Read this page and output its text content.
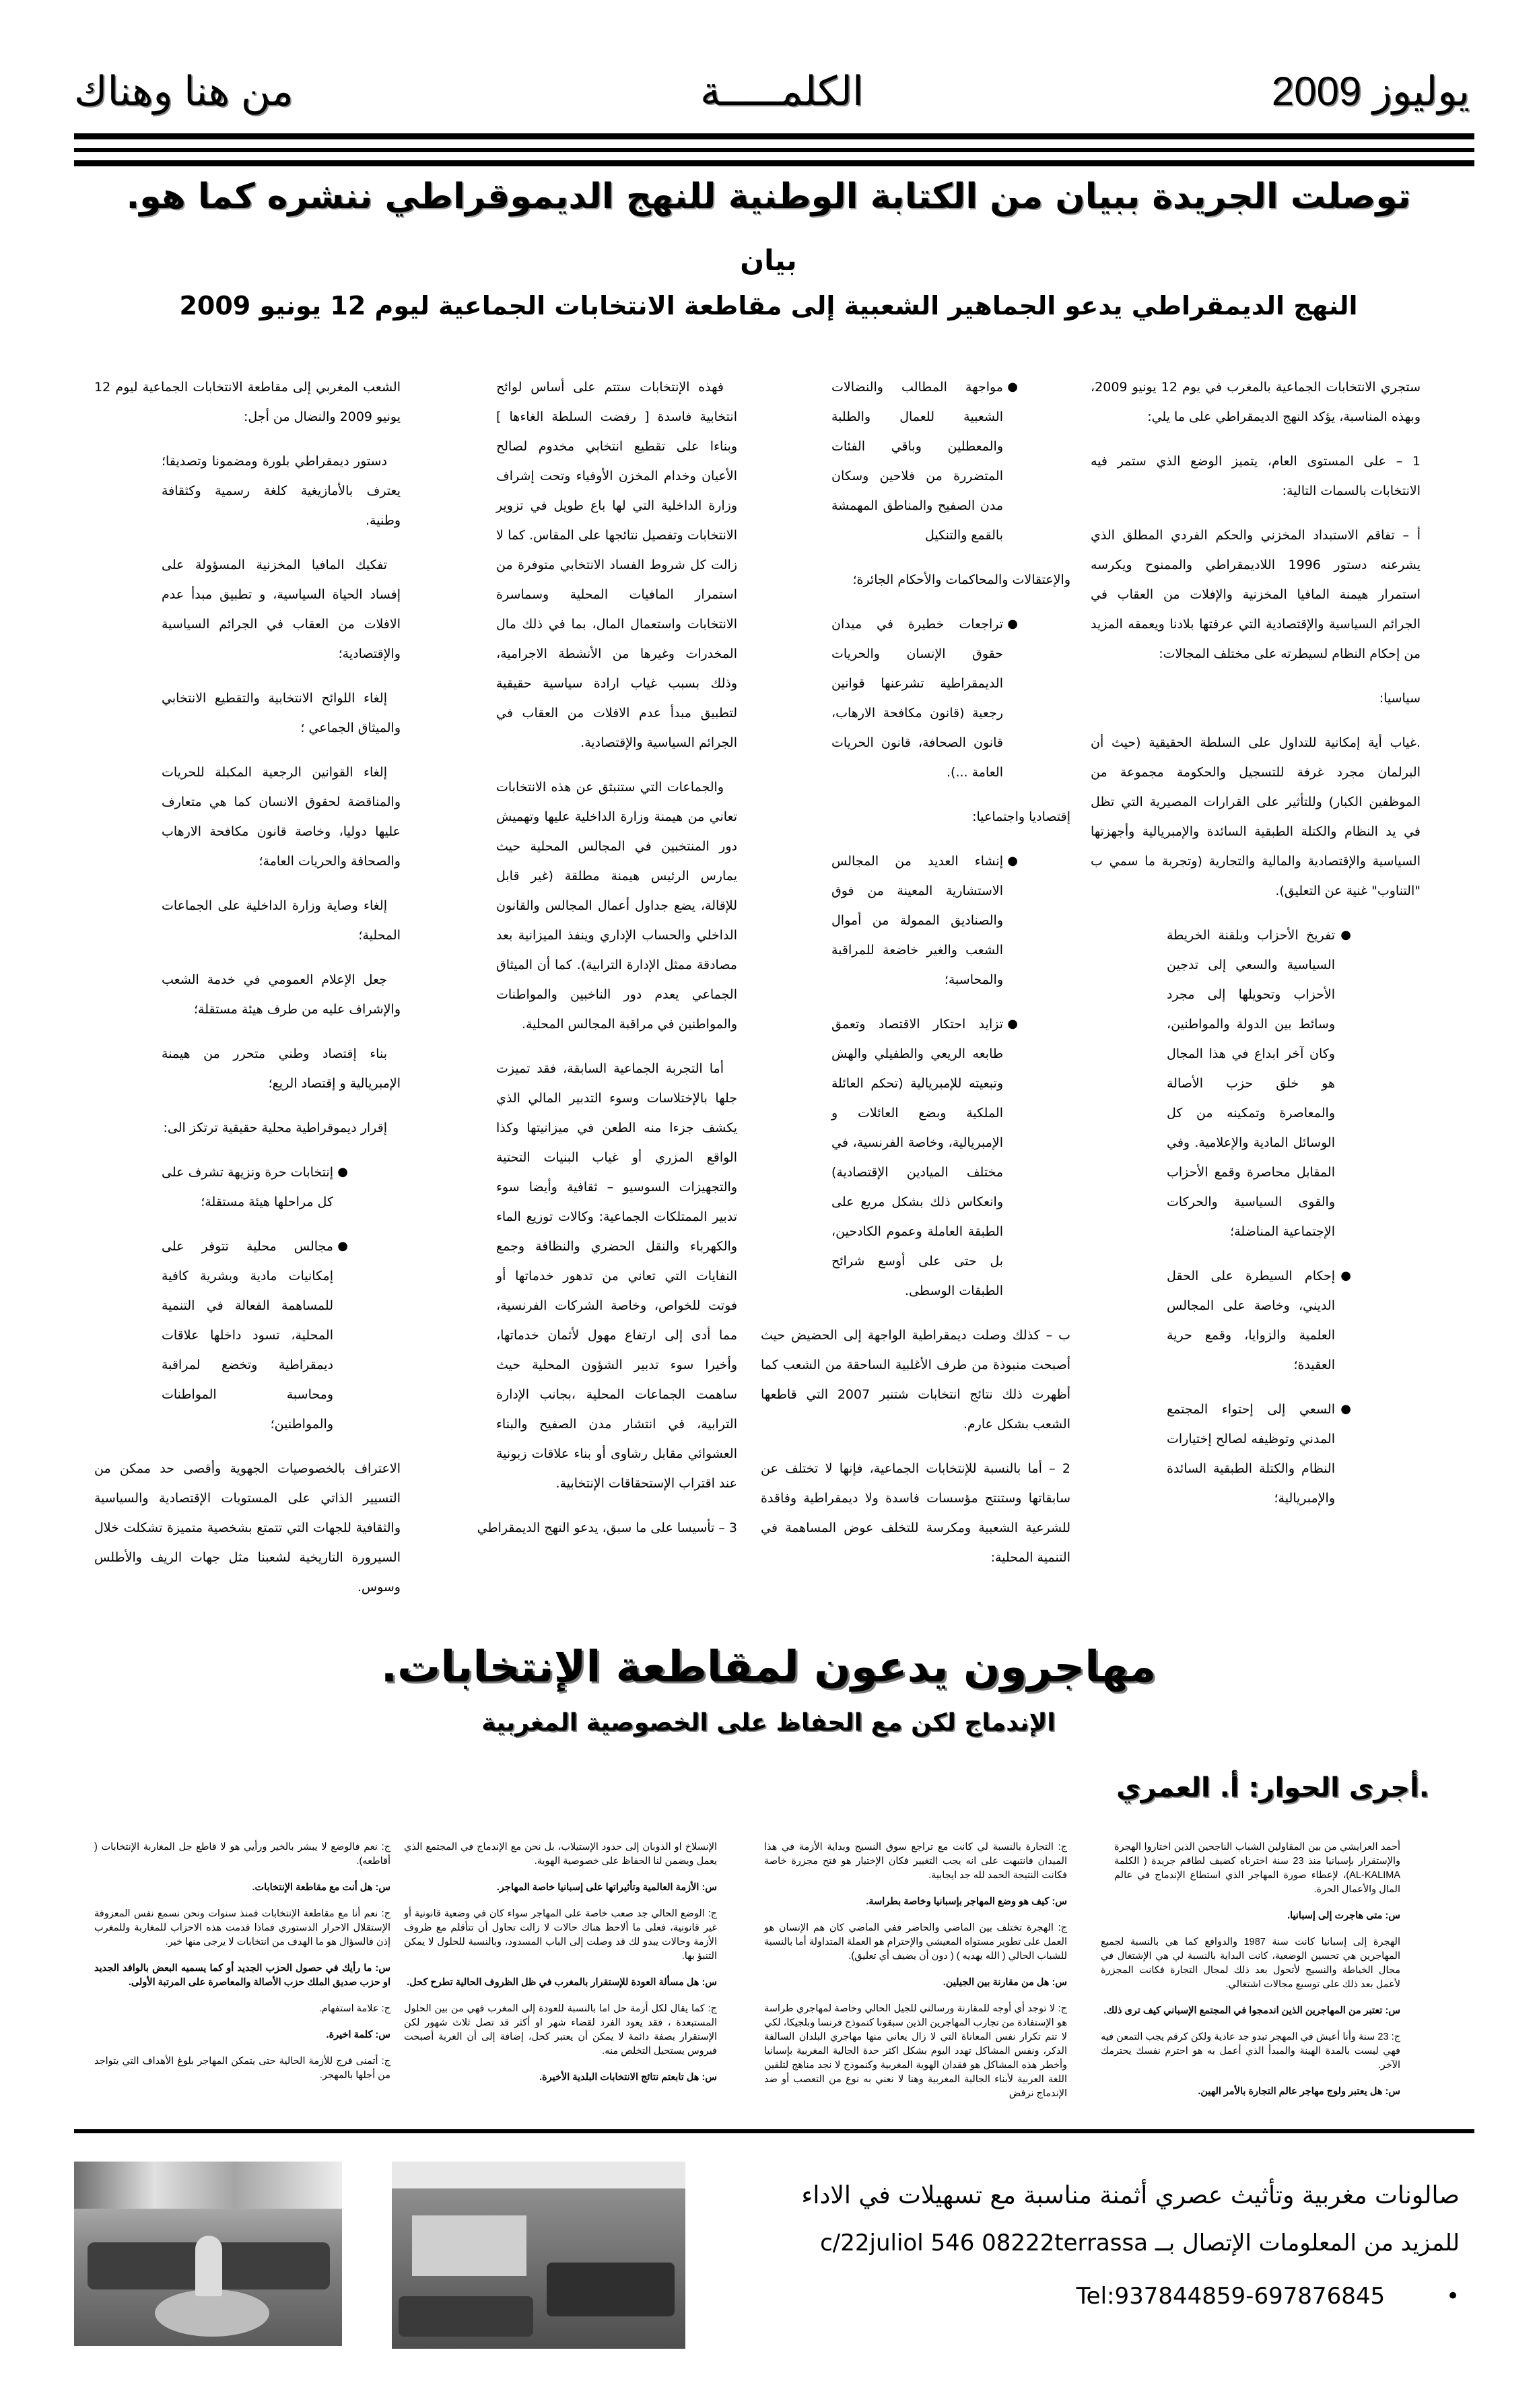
يوليوز 2009
الكلمـــــة
من هنا وهناك
توصلت الجريدة ببيان من الكتابة الوطنية للنهج الديموقراطي ننشره كما هو.
بيان
النهج الديمقراطي يدعو الجماهير الشعبية إلى مقاطعة الانتخابات الجماعية ليوم 12 يونيو 2009
الشعب المغربي إلى مقاطعة الانتخابات الجماعية ليوم 12 يونيو 2009 والنضال من أجل:
دستور ديمقراطي بلورة ومضمونا وتصديقا؛ يعترف بالأمازيغية كلغة رسمية وكثقافة وطنية.
تفكيك المافيا المخزنية المسؤولة على إفساد الحياة السياسية، و تطبيق مبدأ عدم الافلات من العقاب في الجرائم السياسية والإقتصادية؛
إلغاء اللوائح الانتخابية والتقطيع الانتخابي والميثاق الجماعي ؛
إلغاء القوانين الرجعية المكبلة للحريات والمناقضة لحقوق الانسان كما هي متعارف عليها دوليا، وخاصة قانون مكافحة الارهاب والصحافة والحريات العامة؛
إلغاء وصاية وزارة الداخلية على الجماعات المحلية؛
جعل الإعلام العمومي في خدمة الشعب والإشراف عليه من طرف هيئة مستقلة؛
بناء إقتصاد وطني متحرر من هيمنة الإمبريالية و إقتصاد الريع؛
إقرار ديموقراطية محلية حقيقية ترتكز الى:
●
إنتخابات حرة ونزيهة تشرف على كل مراحلها هيئة مستقلة؛
●
مجالس محلية تتوفر على إمكانيات مادية وبشرية كافية للمساهمة الفعالة في التنمية المحلية، تسود داخلها علاقات ديمقراطية وتخضع لمراقبة ومحاسبة المواطنات والمواطنين؛
الاعتراف بالخصوصيات الجهوية وأقصى حد ممكن من التسيير الذاتي على المستويات الإقتصادية والسياسية والثقافية للجهات التي تتمتع بشخصية متميزة تشكلت خلال السيرورة التاريخية لشعبنا مثل جهات الريف والأطلس وسوس.
فهذه الإنتخابات ستتم على أساس لوائح انتخابية فاسدة [ رفضت السلطة الغاءها ] وبناءا على تقطيع انتخابي مخدوم لصالح الأعيان وخدام المخزن الأوفياء وتحت إشراف وزارة الداخلية التي لها باع طويل في تزوير الانتخابات وتفصيل نتائجها على المقاس. كما لا زالت كل شروط الفساد الانتخابي متوفرة من استمرار المافيات المحلية وسماسرة الانتخابات واستعمال المال، بما في ذلك مال المخدرات وغيرها من الأنشطة الاجرامية، وذلك بسبب غياب ارادة سياسية حقيقية لتطبيق مبدأ عدم الافلات من العقاب في الجرائم السياسية والإقتصادية.
والجماعات التي ستنبثق عن هذه الانتخابات تعاني من هيمنة وزارة الداخلية عليها وتهميش دور المنتخبين في المجالس المحلية حيث يمارس الرئيس هيمنة مطلقة (غير قابل للإقالة، يضع جداول أعمال المجالس والقانون الداخلي والحساب الإداري وينفذ الميزانية بعد مصادقة ممثل الإدارة الترابية). كما أن الميثاق الجماعي يعدم دور الناخبين والمواطنات والمواطنين في مراقبة المجالس المحلية.
أما التجربة الجماعية السابقة، فقد تميزت جلها بالإختلاسات وسوء التدبير المالي الذي يكشف جزءا منه الطعن في ميزانيتها وكذا الواقع المزري أو غياب البنيات التحتية والتجهيزات السوسيو – ثقافية وأيضا سوء تدبير الممتلكات الجماعية: وكالات توزيع الماء والكهرباء والنقل الحضري والنظافة وجمع النفايات التي تعاني من تدهور خدماتها أو فوتت للخواص، وخاصة الشركات الفرنسية، مما أدى إلى ارتفاع مهول لأثمان خدماتها، وأخيرا سوء تدبير الشؤون المحلية حيث ساهمت الجماعات المحلية ،بجانب الإدارة الترابية، في انتشار مدن الصفيح والبناء العشوائي مقابل رشاوى أو بناء علاقات زبونية عند اقتراب الإستحقاقات الإنتخابية.
3 – تأسيسا على ما سبق، يدعو النهج الديمقراطي
●
مواجهة المطالب والنضالات الشعبية للعمال والطلبة والمعطلين وباقي الفئات المتضررة من فلاحين وسكان مدن الصفيح والمناطق المهمشة بالقمع والتنكيل
والإعتقالات والمحاكمات والأحكام الجائرة؛
●
تراجعات خطيرة في ميدان حقوق الإنسان والحريات الديمقراطية تشرعنها قوانين رجعية (قانون مكافحة الارهاب، قانون الصحافة، قانون الحريات العامة ...).
إقتصاديا واجتماعيا:
●
إنشاء العديد من المجالس الاستشارية المعينة من فوق والصناديق الممولة من أموال الشعب والغير خاضعة للمراقبة والمحاسبة؛
●
تزايد احتكار الاقتصاد وتعمق طابعه الريعي والطفيلي والهش وتبعيته للإمبريالية (تحكم العائلة الملكية وبضع العائلات و الإمبريالية، وخاصة الفرنسية، في مختلف الميادين الإقتصادية) وانعكاس ذلك بشكل مريع على الطبقة العاملة وعموم الكادحين، بل حتى على أوسع شرائح الطبقات الوسطى.
ب – كذلك وصلت ديمقراطية الواجهة إلى الحضيض حيث أصبحت منبوذة من طرف الأغلبية الساحقة من الشعب كما أظهرت ذلك نتائج انتخابات شتنبر 2007 التي قاطعها الشعب بشكل عارم.
2 – أما بالنسبة للإنتخابات الجماعية، فإنها لا تختلف عن سابقاتها وستنتج مؤسسات فاسدة ولا ديمقراطية وفاقدة للشرعية الشعبية ومكرسة للتخلف عوض المساهمة في التنمية المحلية:
ستجري الانتخابات الجماعية بالمغرب في يوم 12 يونيو 2009، وبهذه المناسبة، يؤكد النهج الديمقراطي على ما يلي:
1 – على المستوى العام، يتميز الوضع الذي ستمر فيه الانتخابات بالسمات التالية:
أ – تفاقم الاستبداد المخزني والحكم الفردي المطلق الذي يشرعنه دستور 1996 اللاديمقراطي والممنوح ويكرسه استمرار هيمنة المافيا المخزنية والإفلات من العقاب في الجرائم السياسية والإقتصادية التي عرفتها بلادنا ويعمقه المزيد من إحكام النظام لسيطرته على مختلف المجالات:
سياسيا:
.غياب أية إمكانية للتداول على السلطة الحقيقية (حيث أن البرلمان مجرد غرفة للتسجيل والحكومة مجموعة من الموظفين الكبار) وللتأثير على القرارات المصيرية التي تظل في يد النظام والكتلة الطبقية السائدة والإمبريالية وأجهزتها السياسية والإقتصادية والمالية والتجارية (وتجربة ما سمي ب "التناوب" غنية عن التعليق).
●
تفريخ الأحزاب وبلقنة الخريطة السياسية والسعي إلى تدجين الأحزاب وتحويلها إلى مجرد وسائط بين الدولة والمواطنين، وكان آخر ابداع في هذا المجال هو خلق حزب الأصالة والمعاصرة وتمكينه من كل الوسائل المادية والإعلامية. وفي المقابل محاصرة وقمع الأحزاب والقوى السياسية والحركات الإجتماعية المناضلة؛
●
إحكام السيطرة على الحقل الديني، وخاصة على المجالس العلمية والزوايا، وقمع حرية العقيدة؛
●
السعي إلى إحتواء المجتمع المدني وتوظيفه لصالح إختيارات النظام والكتلة الطبقية السائدة والإمبريالية؛
مهاجرون يدعون لمقاطعة الإنتخابات.
الإندماج لكن مع الحفاظ على الخصوصية المغربية
.أجرى الحوار: أ. العمري
ج: نعم فالوضع لا يبشر بالخير ورأيي هو لا قاطع جل المغاربة الإنتخابات ( أقاطعه).
س: هل أنت مع مقاطعة الإنتخابات.
ج: نعم أنا مع مقاطعة الإنتخابات فمنذ سنوات ونحن نسمع نفس المعزوفة الإستقلال الاحرار الدستوري فماذا قدمت هذه الاحزاب للمغاربة وللمغرب إذن فالسؤال هو ما الهدف من انتخابات لا يرجى منها خير.
س: ما رأيك في حصول الحزب الجديد أو كما يسميه البعض بالوافد الجديد او حزب صديق الملك حزب الأصالة والمعاصرة على المرتبة الأولى.
ج: علامة استفهام.
س: كلمة اخيرة.
ج: أتمنى فرج للأزمة الحالية حتى يتمكن المهاجر بلوغ الأهداف التي يتواجد من أجلها بالمهجر.
الإنسلاخ او الذوبان إلى حدود الإستيلاب، بل نحن مع الإندماج في المجتمع الذي يعمل ويضمن لنا الحفاظ على خصوصية الهوية.
س: الأزمة العالمية وتأثيراتها على إسبانيا خاصة المهاجر.
ج: الوضع الحالي جد صعب خاصة على المهاجر سواء كان في وضعية قانونية أو غير قانونية، فعلى ما ألاحظ هناك حالات لا زالت تحاول أن تتأقلم مع ظروف الأزمة وحالات يبدو لك قد وصلت إلى الباب المسدود، وبالنسبة للحلول لا يمكن التنبؤ بها.
س: هل مسألة العودة للإستقرار بالمغرب في ظل الظروف الحالية تطرح كحل.
ج: كما يقال لكل أزمة حل اما بالنسبة للعودة إلى المغرب فهي من بين الحلول المستبعدة ، فقد يعود الفرد لقضاء شهر او أكثر قد تصل ثلاث شهور لكن الإستقرار بصفة دائمة لا يمكن أن يعتبر كحل، إضافة إلى أن الغربة أصبحت فيروس يستحيل التخلص منه.
س: هل تابعتم نتائج الانتخابات البلدية الأخيرة.
ج: التجارة بالنسبة لي كانت مع تراجع سوق النسيج وبداية الأزمة في هذا الميدان فانتبهت على انه يجب التغيير فكان الإختيار هو فتح مجزرة خاصة فكانت النتيجة الحمد لله جد ايجابية.
س: كيف هو وضع المهاجر بإسبانيا وخاصة بطراسة.
ج: الهجرة تختلف بين الماضي والحاضر ففي الماضي كان هم الإنسان هو العمل على تطوير مستواه المعيشي والإحترام هو العملة المتداولة أما بالنسبة للشباب الحالي ( الله يهديه ) ( دون أن يضيف أي تعليق).
س: هل من مقارنة بين الجيلين.
ج: لا توجد أي أوجه للمقارنة ورسالتي للجيل الحالي وخاصة لمهاجري طراسة هو الإستفادة من تجارب المهاجرين الذين سبقونا كنموذج فرنسا وبلجيكا، لكي لا تتم تكرار نفس المعاناة التي لا زال يعاني منها مهاجري البلدان السالفة الذكر، ونفس المشاكل تهدد اليوم بشكل اكثر حدة الجالية المغربية بإسبانيا وأخطر هذه المشاكل هو فقدان الهوية المغربية وكنموذج لا نجد مناهج لتلقين اللغة العربية لأبناء الجالية المغربية وهنا لا نعني به نوع من التعصب أو ضد الإندماج نرفض
أحمد العرايشي من بين المقاولين الشباب الناجحين الذين اختاروا الهجرة والإستقرار بإسبانيا منذ 23 سنة اخترناه كضيف لطاقم جريدة ( الكلمة AL-KALIMA)، لإعطاء صورة المهاجر الذي استطاع الإندماج في عالم المال والأعمال الحرة.
س: متى هاجرت إلى إسبانيا.
الهجرة إلى إسبانيا كانت سنة 1987 والدوافع كما هي بالنسبة لجميع المهاجرين هي تحسين الوضعية، كانت البداية بالنسبة لي هي الإشتغال في مجال الخياطة والنسيج لأتحول بعد ذلك لمجال التجارة فكانت المجزرة لأعمل بعد ذلك على توسيع مجالات اشتغالي.
س: تعتبر من المهاجرين الذين اندمجوا في المجتمع الإسباني كيف ترى ذلك.
ج: 23 سنة وأنا أعيش في المهجر تبدو جد عادية ولكن كرقم يجب التمعن فيه فهي ليست بالمدة الهينة والمبدأ الذي أعمل به هو احترم نفسك يحترمك الآخر.
س: هل يعتبر ولوج مهاجر عالم التجارة بالأمر الهين.
صالونات مغربية وتأثيث عصري أثمنة مناسبة مع تسهيلات في الاداء
للمزيد من المعلومات الإتصال بــ c/22juliol 546 08222terrassa
• Tel:937844859-697876845
